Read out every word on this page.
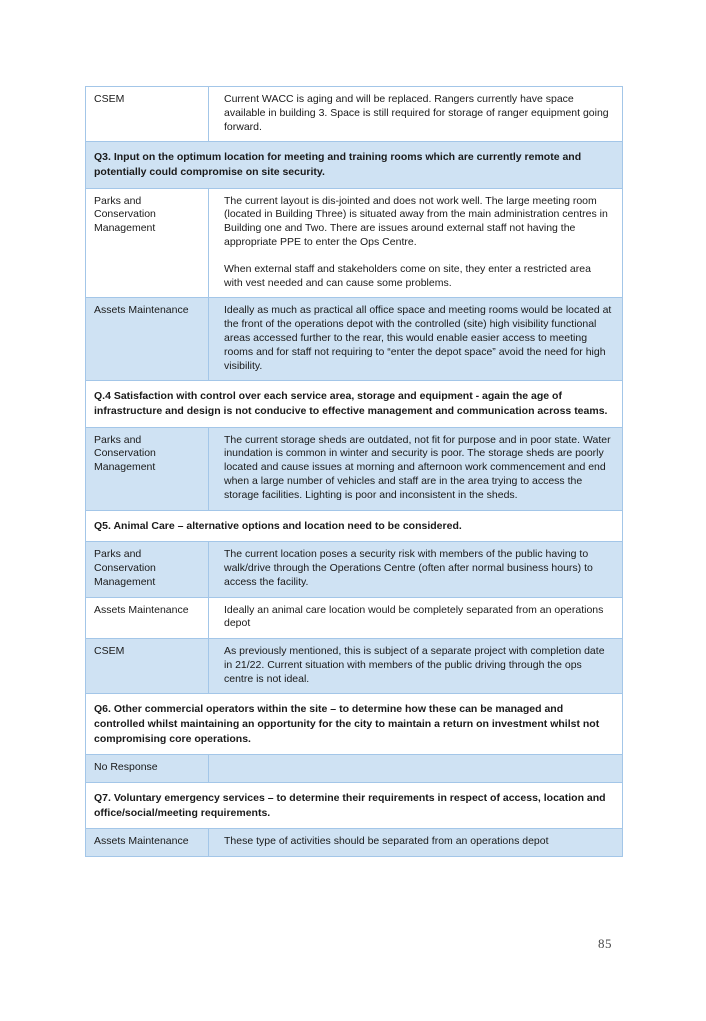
CSEM	Current WACC is aging and will be replaced. Rangers currently have space available in building 3. Space is still required for storage of ranger equipment going forward.

Q3. Input on the optimum location for meeting and training rooms which are currently remote and potentially could compromise on site security.	
Parks and Conservation Management	The current layout is dis-jointed and does not work well. The large meeting room (located in Building Three) is situated away from the main administration centres in Building one and Two. There are issues around external staff not having the appropriate PPE to enter the Ops Centre.

When external staff and stakeholders come on site, they enter a restricted area with vest needed and can cause some problems.

Assets Maintenance	Ideally as much as practical all office space and meeting rooms would be located at the front of the operations depot with the controlled (site) high visibility functional areas accessed further to the rear, this would enable easier access to meeting rooms and for staff not requiring to “enter the depot space” avoid the need for high visibility.

Q.4 Satisfaction with control over each service area, storage and equipment - again the age of infrastructure and design is not conducive to effective management and communication across teams.	
Parks and Conservation Management	The current storage sheds are outdated, not fit for purpose and in poor state. Water inundation is common in winter and security is poor. The storage sheds are poorly located and cause issues at morning and afternoon work commencement and end when a large number of vehicles and staff are in the area trying to access the storage facilities. Lighting is poor and inconsistent in the sheds.

Q5. Animal Care – alternative options and location need to be considered.	
Parks and Conservation Management	The current location poses a security risk with members of the public having to walk/drive through the Operations Centre (often after normal business hours) to access the facility.

Assets Maintenance	Ideally an animal care location would be completely separated from an operations depot

CSEM	As previously mentioned, this is subject of a separate project with completion date in 21/22. Current situation with members of the public driving through the ops centre is not ideal.

Q6. Other commercial operators within the site – to determine how these can be managed and controlled whilst maintaining an opportunity for the city to maintain a return on investment whilst not compromising core operations.	
No Response	
Q7. Voluntary emergency services – to determine their requirements in respect of access, location and office/social/meeting requirements.	
Assets Maintenance	These type of activities should be separated from an operations depot

85
